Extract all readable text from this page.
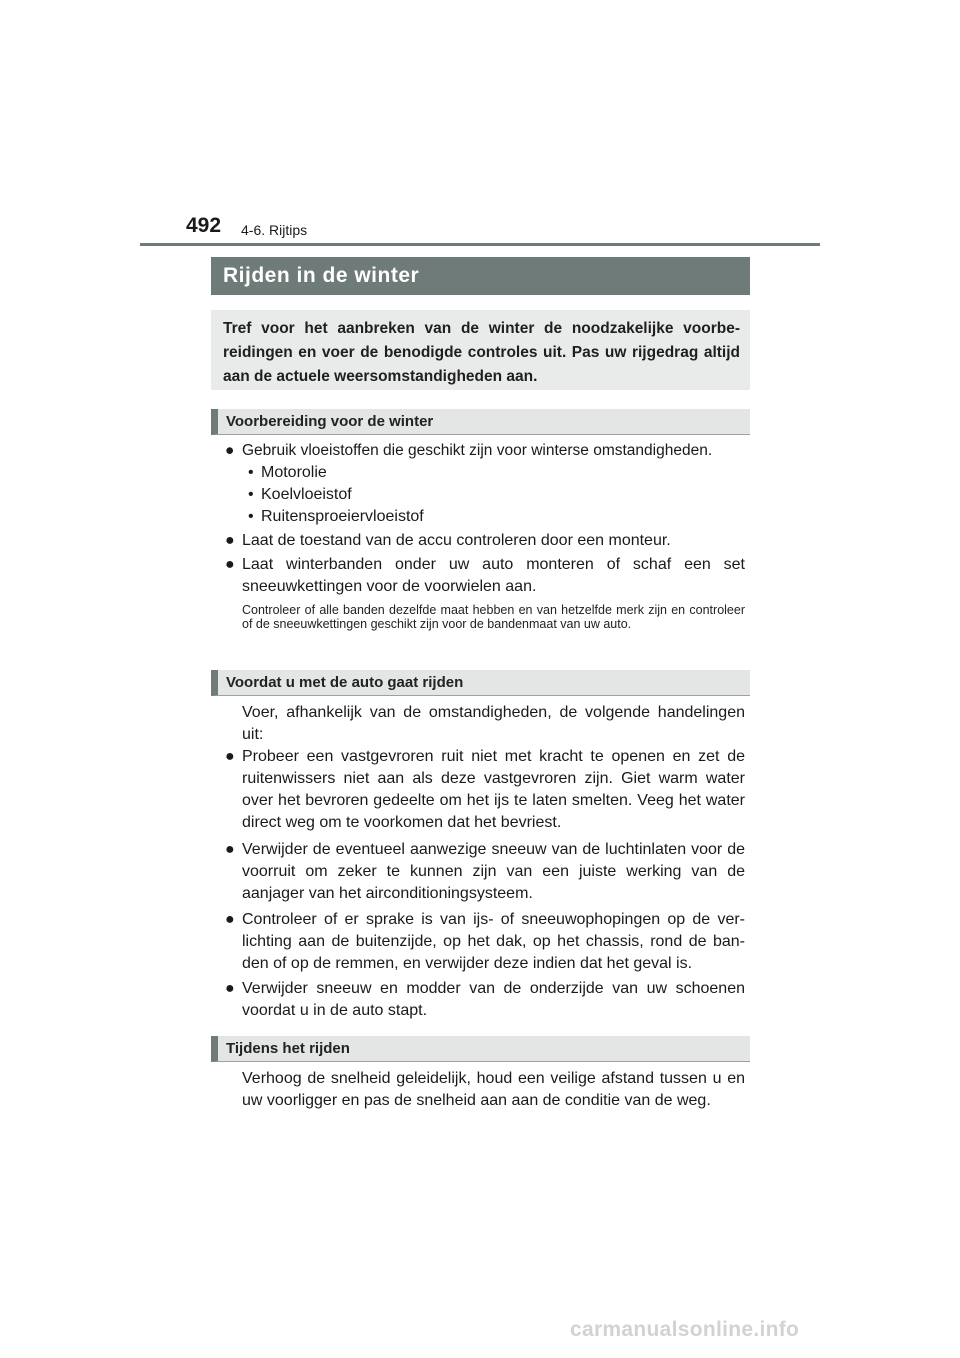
492 4-6. Rijtips
Rijden in de winter
Tref voor het aanbreken van de winter de noodzakelijke voorbe-reidingen en voer de benodigde controles uit. Pas uw rijgedrag altijd aan de actuele weersomstandigheden aan.
Voorbereiding voor de winter
● Gebruik vloeistoffen die geschikt zijn voor winterse omstandigheden.
• Motorolie
• Koelvloeistof
• Ruitensproeiervloeistof
● Laat de toestand van de accu controleren door een monteur.
● Laat winterbanden onder uw auto monteren of schaf een set sneeuwkettingen voor de voorwielen aan.
Controleer of alle banden dezelfde maat hebben en van hetzelfde merk zijn en controleer of de sneeuwkettingen geschikt zijn voor de bandenmaat van uw auto.
Voordat u met de auto gaat rijden
Voer, afhankelijk van de omstandigheden, de volgende handelingen uit:
● Probeer een vastgevroren ruit niet met kracht te openen en zet de ruitenwissers niet aan als deze vastgevroren zijn. Giet warm water over het bevroren gedeelte om het ijs te laten smelten. Veeg het water direct weg om te voorkomen dat het bevriest.
● Verwijder de eventueel aanwezige sneeuw van de luchtinlaten voor de voorruit om zeker te kunnen zijn van een juiste werking van de aanjager van het airconditioningsysteem.
● Controleer of er sprake is van ijs- of sneeuwophopingen op de ver-lichting aan de buitenzijde, op het dak, op het chassis, rond de ban-den of op de remmen, en verwijder deze indien dat het geval is.
● Verwijder sneeuw en modder van de onderzijde van uw schoenen voordat u in de auto stapt.
Tijdens het rijden
Verhoog de snelheid geleidelijk, houd een veilige afstand tussen u en uw voorligger en pas de snelheid aan aan de conditie van de weg.
carmanualsonline.info
